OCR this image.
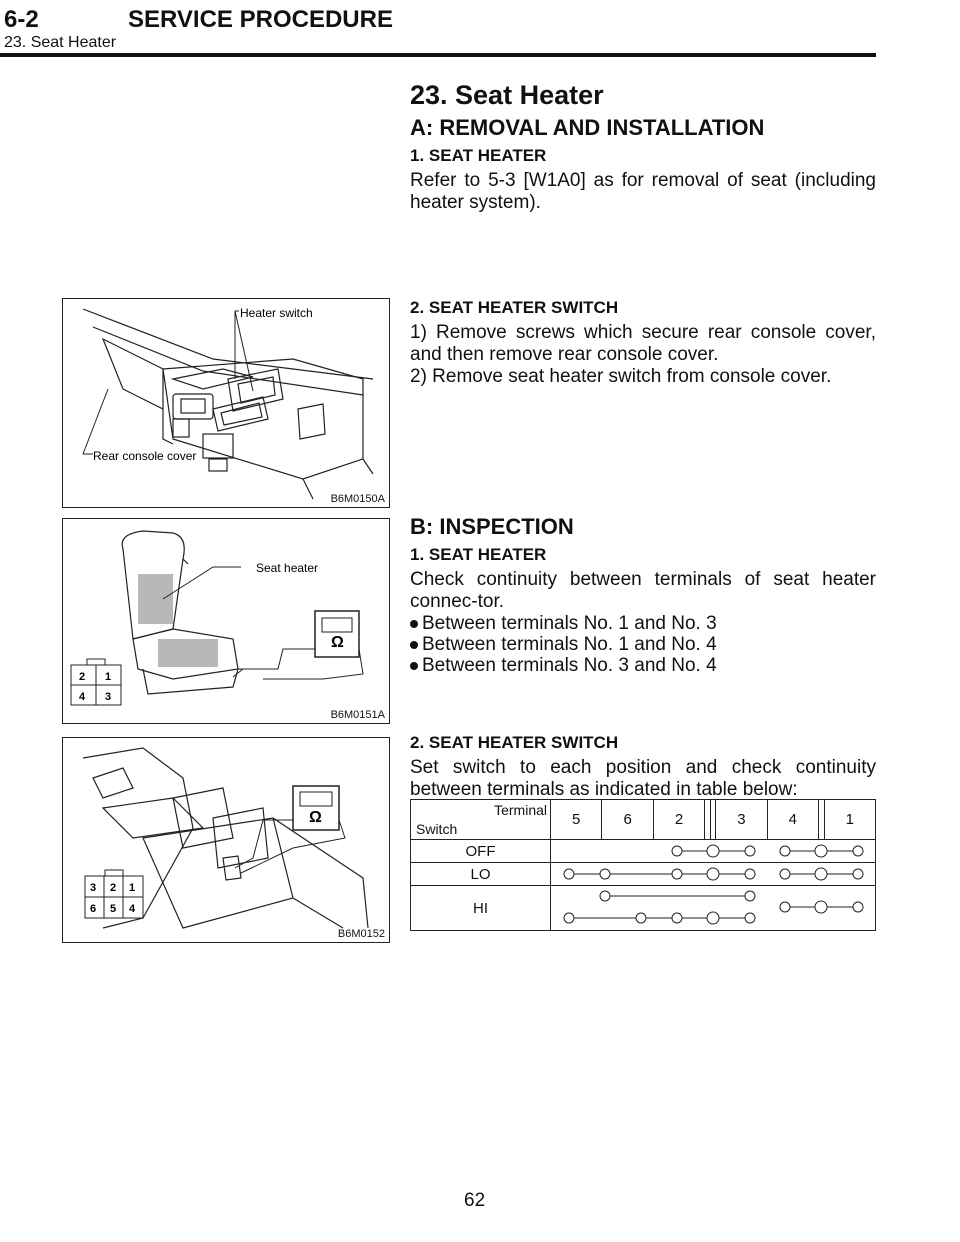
6-2	SERVICE PROCEDURE
23. Seat Heater
23. Seat Heater
A: REMOVAL AND INSTALLATION
1. SEAT HEATER
Refer to 5-3 [W1A0] as for removal of seat (including heater system).
2. SEAT HEATER SWITCH
1) Remove screws which secure rear console cover, and then remove rear console cover.
2) Remove seat heater switch from console cover.
B: INSPECTION
1. SEAT HEATER
Check continuity between terminals of seat heater connec-tor.
Between terminals No. 1 and No. 3
Between terminals No. 1 and No. 4
Between terminals No. 3 and No. 4
2. SEAT HEATER SWITCH
Set switch to each position and check continuity between terminals as indicated in table below:
Heater switch
Rear console cover
B6M0150A
Ω
2 1
4 3
Seat heater
B6M0151A
Ω
3 2 1
6 5 4
B6M0152
Terminal
Switch	5	6	2			3	4		1
OFF	

LO	

HI	
62
